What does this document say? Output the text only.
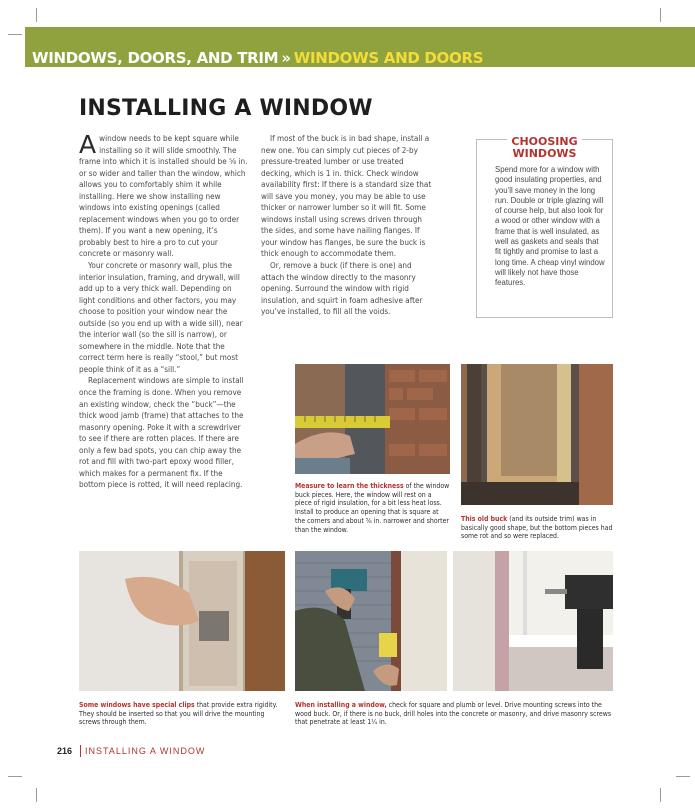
WINDOWS, DOORS, AND TRIM » WINDOWS AND DOORS
INSTALLING A WINDOW

A window needs to be kept square while installing so it will slide smoothly. The frame into which it is installed should be ⁵⁄₈ in. or so wider and taller than the window, which allows you to comfortably shim it while installing. Here we show installing new windows into existing openings (called replacement windows when you go to order them). If you want a new opening, it’s probably best to hire a pro to cut your concrete or masonry wall.

Your concrete or masonry wall, plus the interior insulation, framing, and drywall, will add up to a very thick wall. Depending on light conditions and other factors, you may choose to position your window near the outside (so you end up with a wide sill), near the interior wall (so the sill is narrow), or somewhere in the middle. Note that the correct term here is really “stool,” but most people think of it as a “sill.”

Replacement windows are simple to install once the framing is done. When you remove an existing window, check the “buck”—the thick wood jamb (frame) that attaches to the masonry opening. Poke it with a screwdriver to see if there are rotten places. If there are only a few bad spots, you can chip away the rot and fill with two-part epoxy wood filler, which makes for a permanent fix. If the bottom piece is rotted, it will need replacing.

If most of the buck is in bad shape, install a new one. You can simply cut pieces of 2-by pressure-treated lumber or use treated decking, which is 1 in. thick. Check window availability first: If there is a standard size that will save you money, you may be able to use thicker or narrower lumber so it will fit. Some windows install using screws driven through the sides, and some have nailing flanges. If your window has flanges, be sure the buck is thick enough to accommodate them.

Or, remove a buck (if there is one) and attach the window directly to the masonry opening. Surround the window with rigid insulation, and squirt in foam adhesive after you’ve installed, to fill all the voids.

CHOOSING
WINDOWS
Spend more for a window with good insulating properties, and you’ll save money in the long run. Double or triple glazing will of course help, but also look for a wood or other window with a frame that is well insulated, as well as gaskets and seals that fit tightly and promise to last a long time. A cheap vinyl window will likely not have those features.
Measure to learn the thickness of the window buck pieces. Here, the window will rest on a piece of rigid insulation, for a bit less heat loss. Install to produce an opening that is square at the corners and about ⁵⁄₈ in. narrower and shorter than the window.
This old buck (and its outside trim) was in basically good shape, but the bottom pieces had some rot and so were replaced.
Some windows have special clips that provide extra rigidity. They should be inserted so that you will drive the mounting screws through them.
When installing a window, check for square and plumb or level. Drive mounting screws into the wood buck. Or, if there is no buck, drill holes into the concrete or masonry, and drive masonry screws that penetrate at least 1¹⁄₄ in.
216 INSTALLING A WINDOW
